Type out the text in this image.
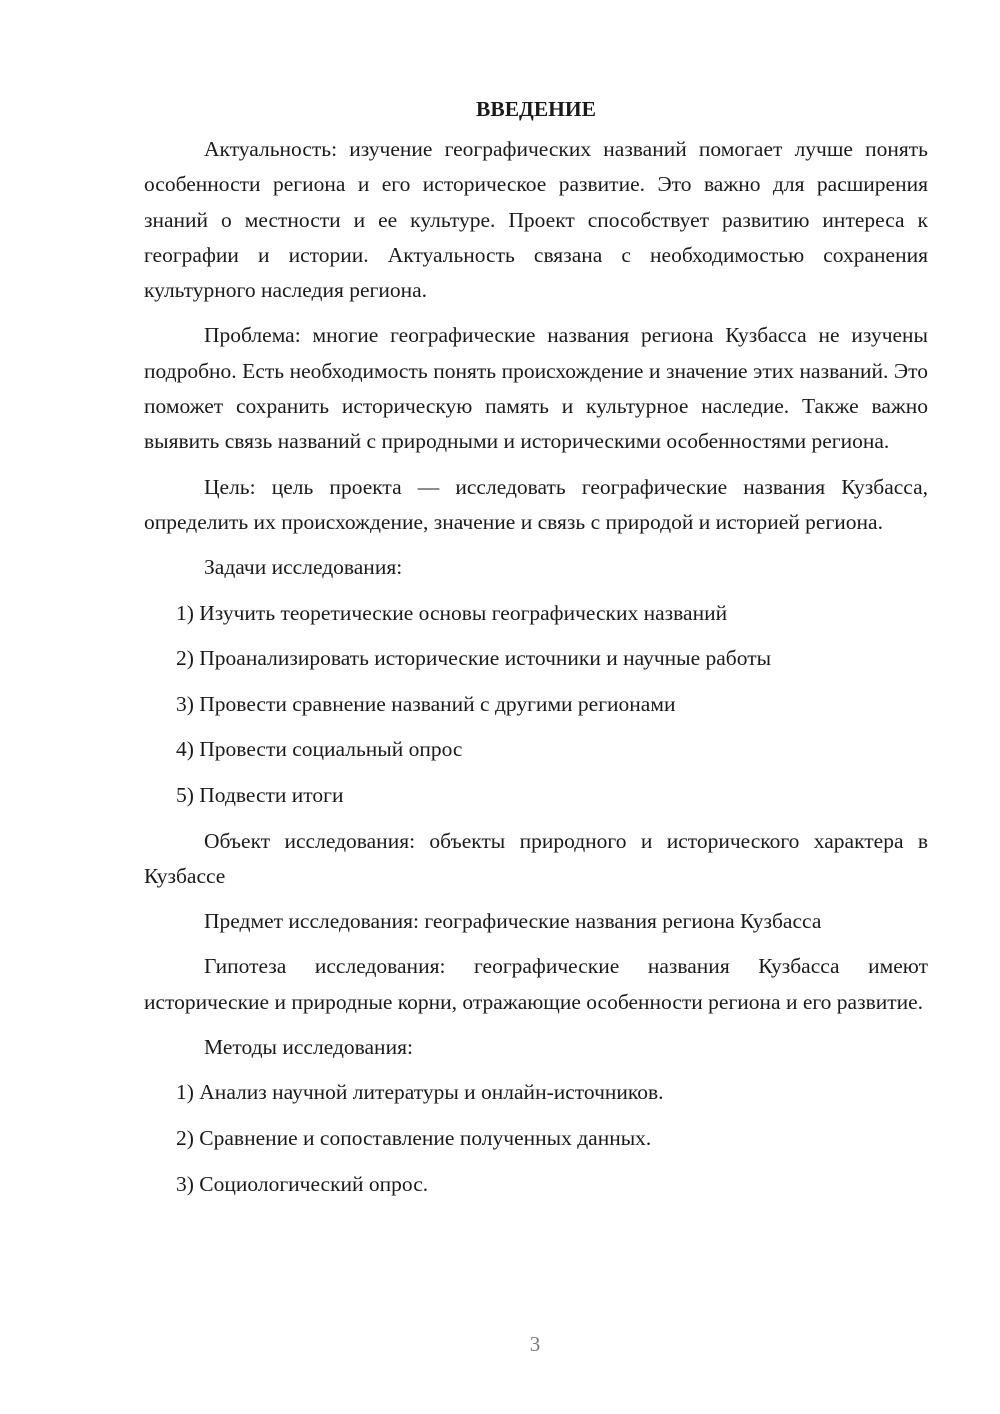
ВВЕДЕНИЕ

Актуальность: изучение географических названий помогает лучше понять особенности региона и его историческое развитие. Это важно для расширения знаний о местности и ее культуре. Проект способствует развитию интереса к географии и истории. Актуальность связана с необходимостью сохранения культурного наследия региона.

Проблема: многие географические названия региона Кузбасса не изучены подробно. Есть необходимость понять происхождение и значение этих названий. Это поможет сохранить историческую память и культурное наследие. Также важно выявить связь названий с природными и историческими особенностями региона.

Цель: цель проекта — исследовать географические названия Кузбасса, определить их происхождение, значение и связь с природой и историей региона.

Задачи исследования:

1) Изучить теоретические основы географических названий
2) Проанализировать исторические источники и научные работы
3) Провести сравнение названий с другими регионами
4) Провести социальный опрос
5) Подвести итоги

Объект исследования: объекты природного и исторического характера в Кузбассе

Предмет исследования: географические названия региона Кузбасса

Гипотеза исследования: географические названия Кузбасса имеют исторические и природные корни, отражающие особенности региона и его развитие.

Методы исследования:

1) Анализ научной литературы и онлайн-источников.
2) Сравнение и сопоставление полученных данных.
3) Социологический опрос.
3
